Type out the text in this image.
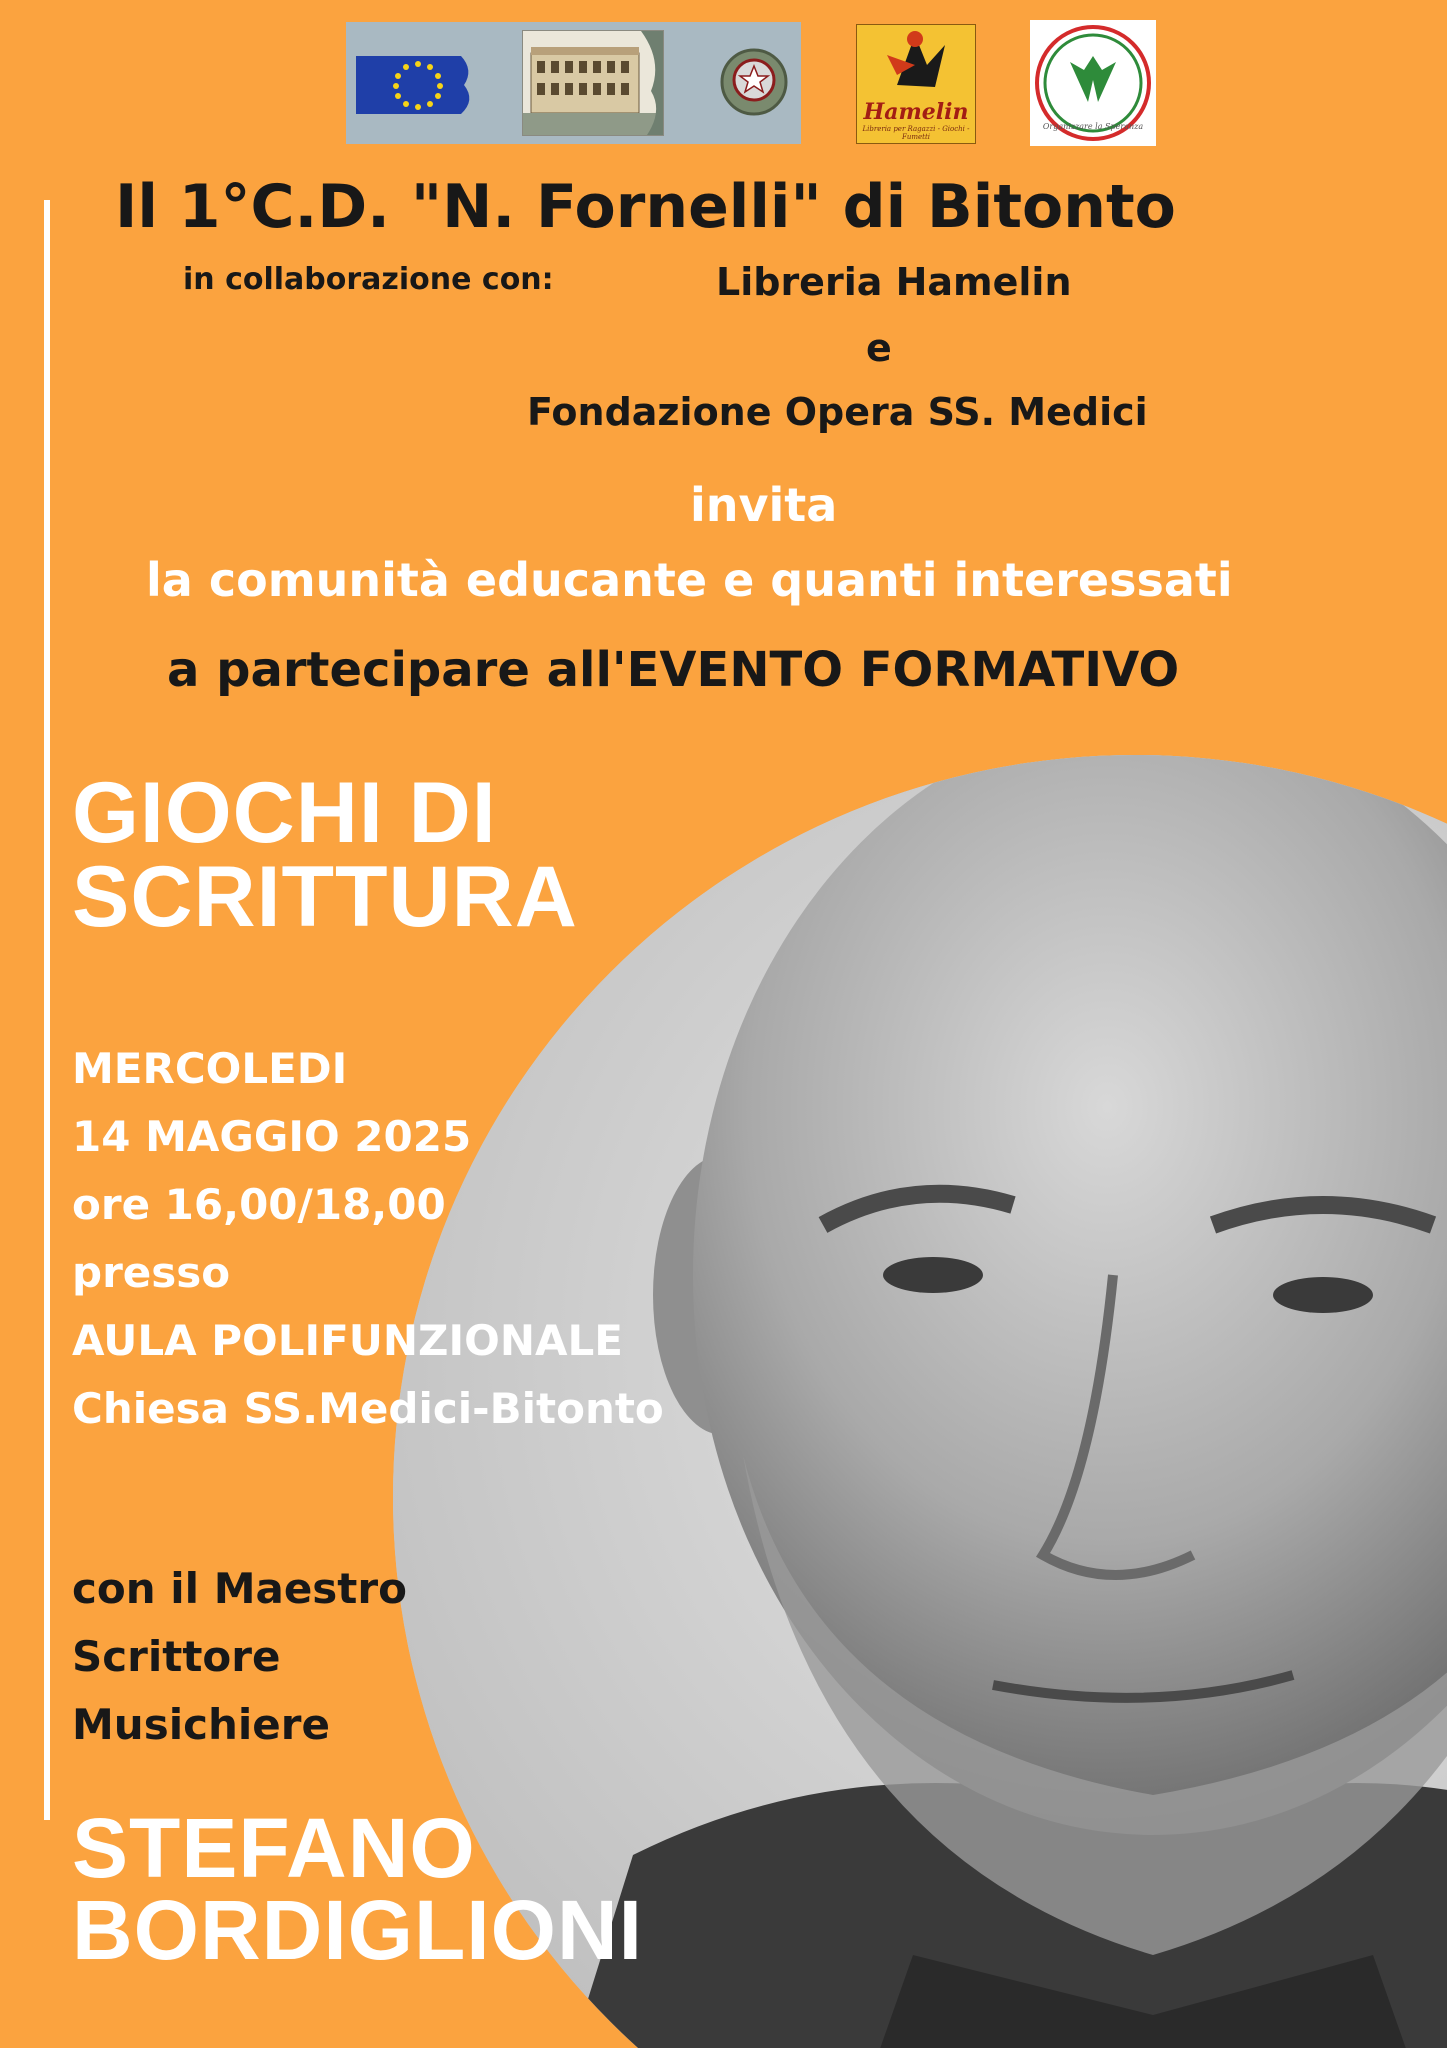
Hamelin
Libreria per Ragazzi - Giochi - Fumetti
Organizzare la Speranza
Il 1°C.D. "N. Fornelli" di Bitonto

in collaborazione con:	Libreria Hamelin

e

Fondazione Opera SS. Medici

invita

la comunità educante e quanti interessati

a partecipare all'EVENTO FORMATIVO

GIOCHI DI
SCRITTURA

MERCOLEDI

14 MAGGIO 2025

ore 16,00/18,00

presso

AULA POLIFUNZIONALE

Chiesa SS.Medici-Bitonto

con il Maestro

Scrittore

Musichiere

STEFANO
BORDIGLIONI
